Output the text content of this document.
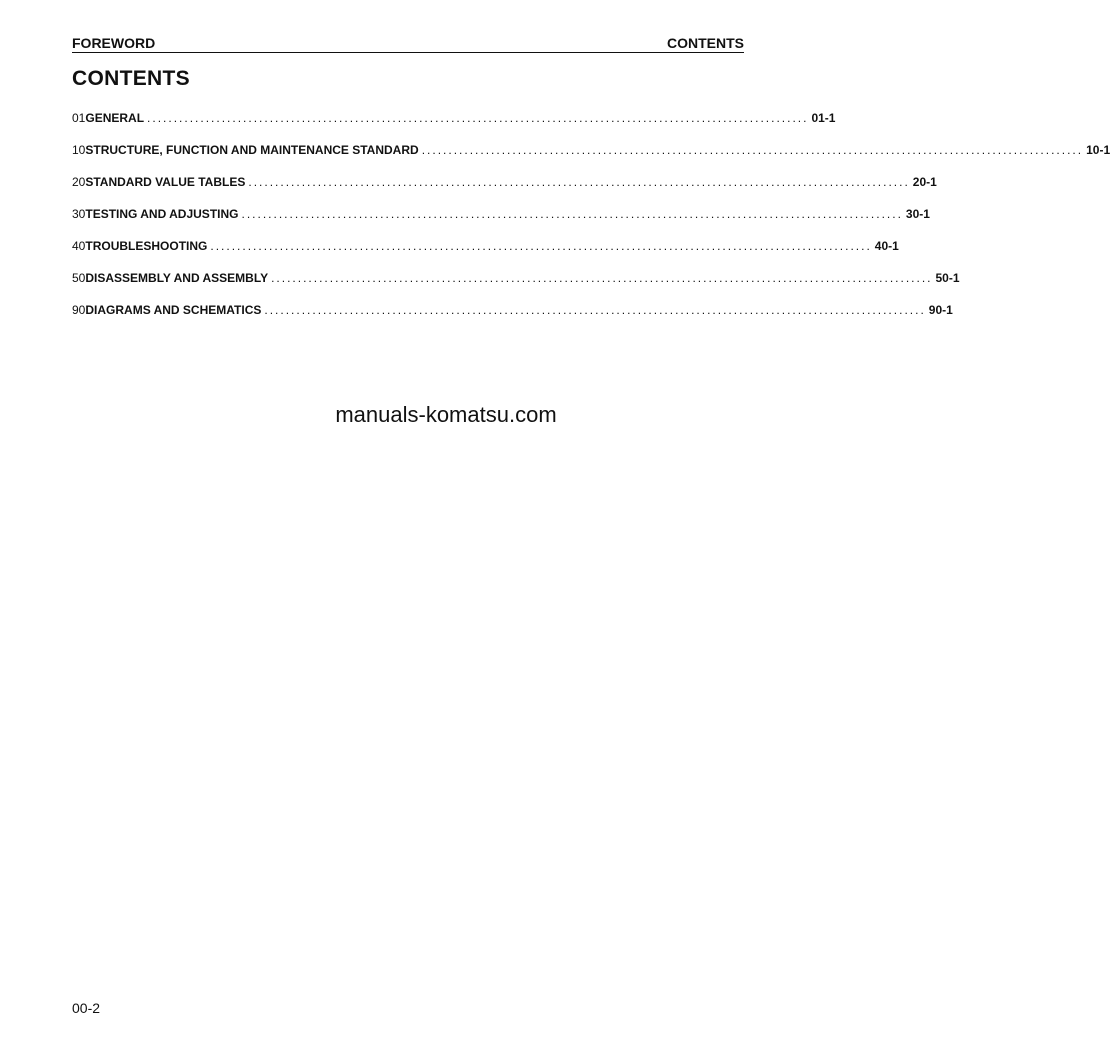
FOREWORD	CONTENTS
CONTENTS
01 GENERAL ............................................................................................................................ 01-1
10 STRUCTURE, FUNCTION AND MAINTENANCE STANDARD ............................................................................................................................ 10-1
20 STANDARD VALUE TABLES ............................................................................................................................ 20-1
30 TESTING AND ADJUSTING ............................................................................................................................ 30-1
40 TROUBLESHOOTING ............................................................................................................................ 40-1
50 DISASSEMBLY AND ASSEMBLY ............................................................................................................................ 50-1
90 DIAGRAMS AND SCHEMATICS ............................................................................................................................ 90-1
manuals-komatsu.com
00-2
